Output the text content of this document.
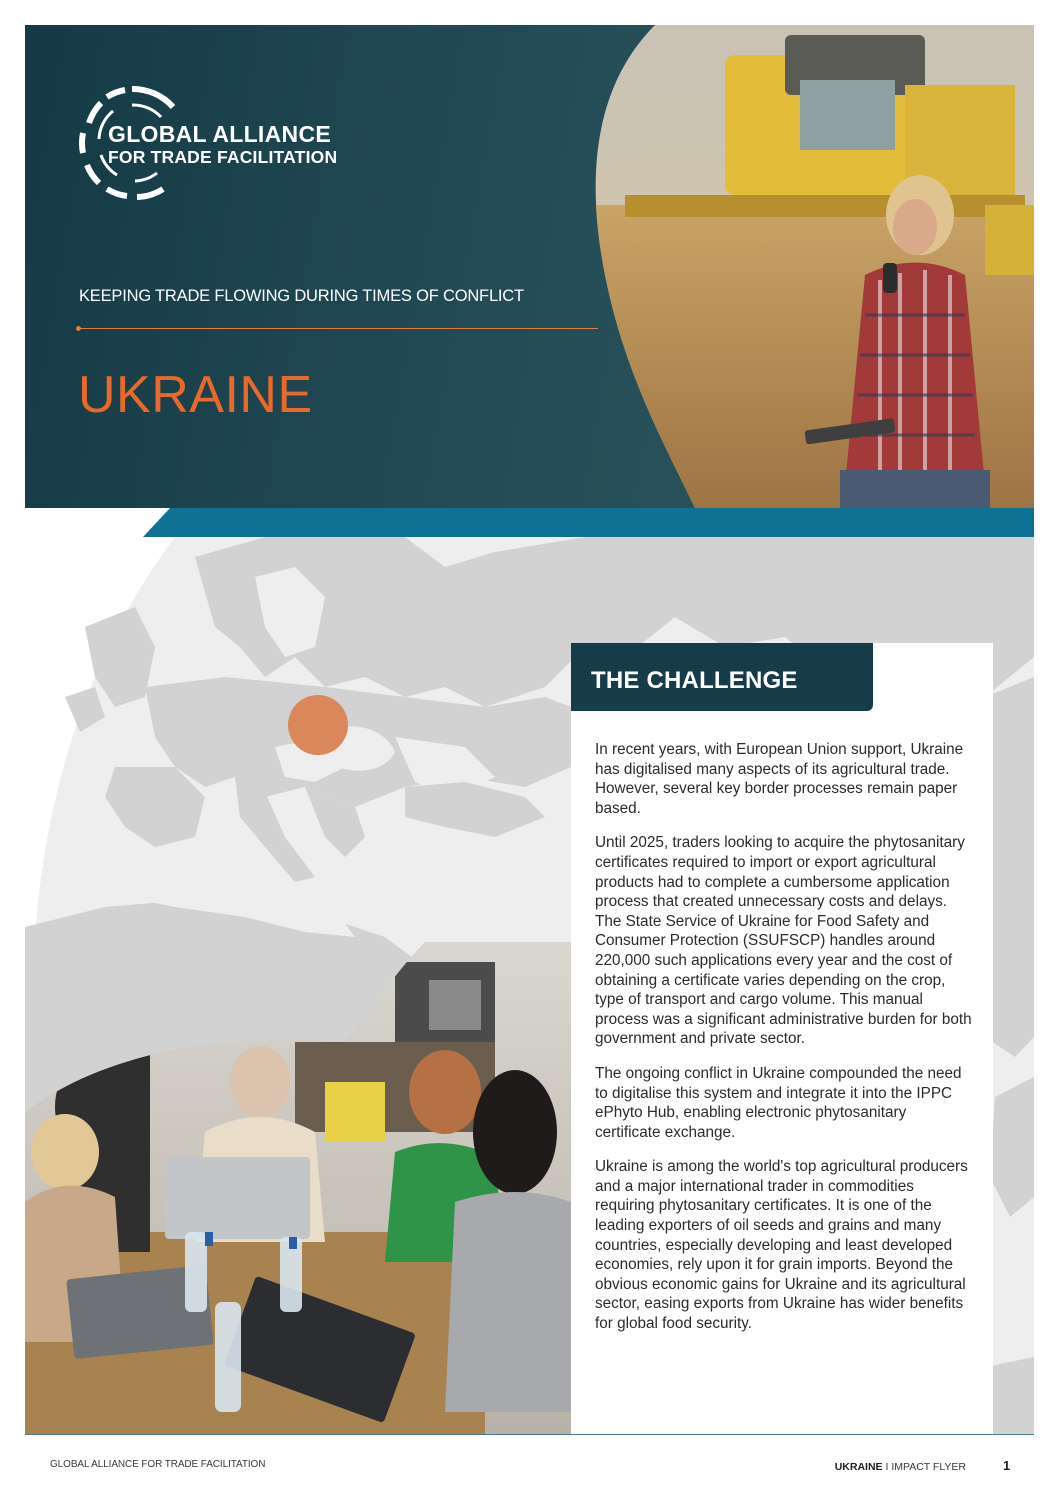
GLOBAL ALLIANCE
FOR TRADE FACILITATION
KEEPING TRADE FLOWING DURING TIMES OF CONFLICT
UKRAINE
THE CHALLENGE

In recent years, with European Union support, Ukraine has digitalised many aspects of its agricultural trade. However, several key border processes remain paper based.

Until 2025, traders looking to acquire the phytosanitary certificates required to import or export agricultural products had to complete a cumbersome application process that created unnecessary costs and delays. The State Service of Ukraine for Food Safety and Consumer Protection (SSUFSCP) handles around 220,000 such applications every year and the cost of obtaining a certificate varies depending on the crop, type of transport and cargo volume. This manual process was a significant administrative burden for both government and private sector.

The ongoing conflict in Ukraine compounded the need to digitalise this system and integrate it into the IPPC ePhyto Hub, enabling electronic phytosanitary certificate exchange.

Ukraine is among the world's top agricultural producers and a major international trader in commodities requiring phytosanitary certificates. It is one of the leading exporters of oil seeds and grains and many countries, especially developing and least developed economies, rely upon it for grain imports. Beyond the obvious economic gains for Ukraine and its agricultural sector, easing exports from Ukraine has wider benefits for global food security.

GLOBAL ALLIANCE FOR TRADE FACILITATION	UKRAINE I IMPACT FLYER	1
